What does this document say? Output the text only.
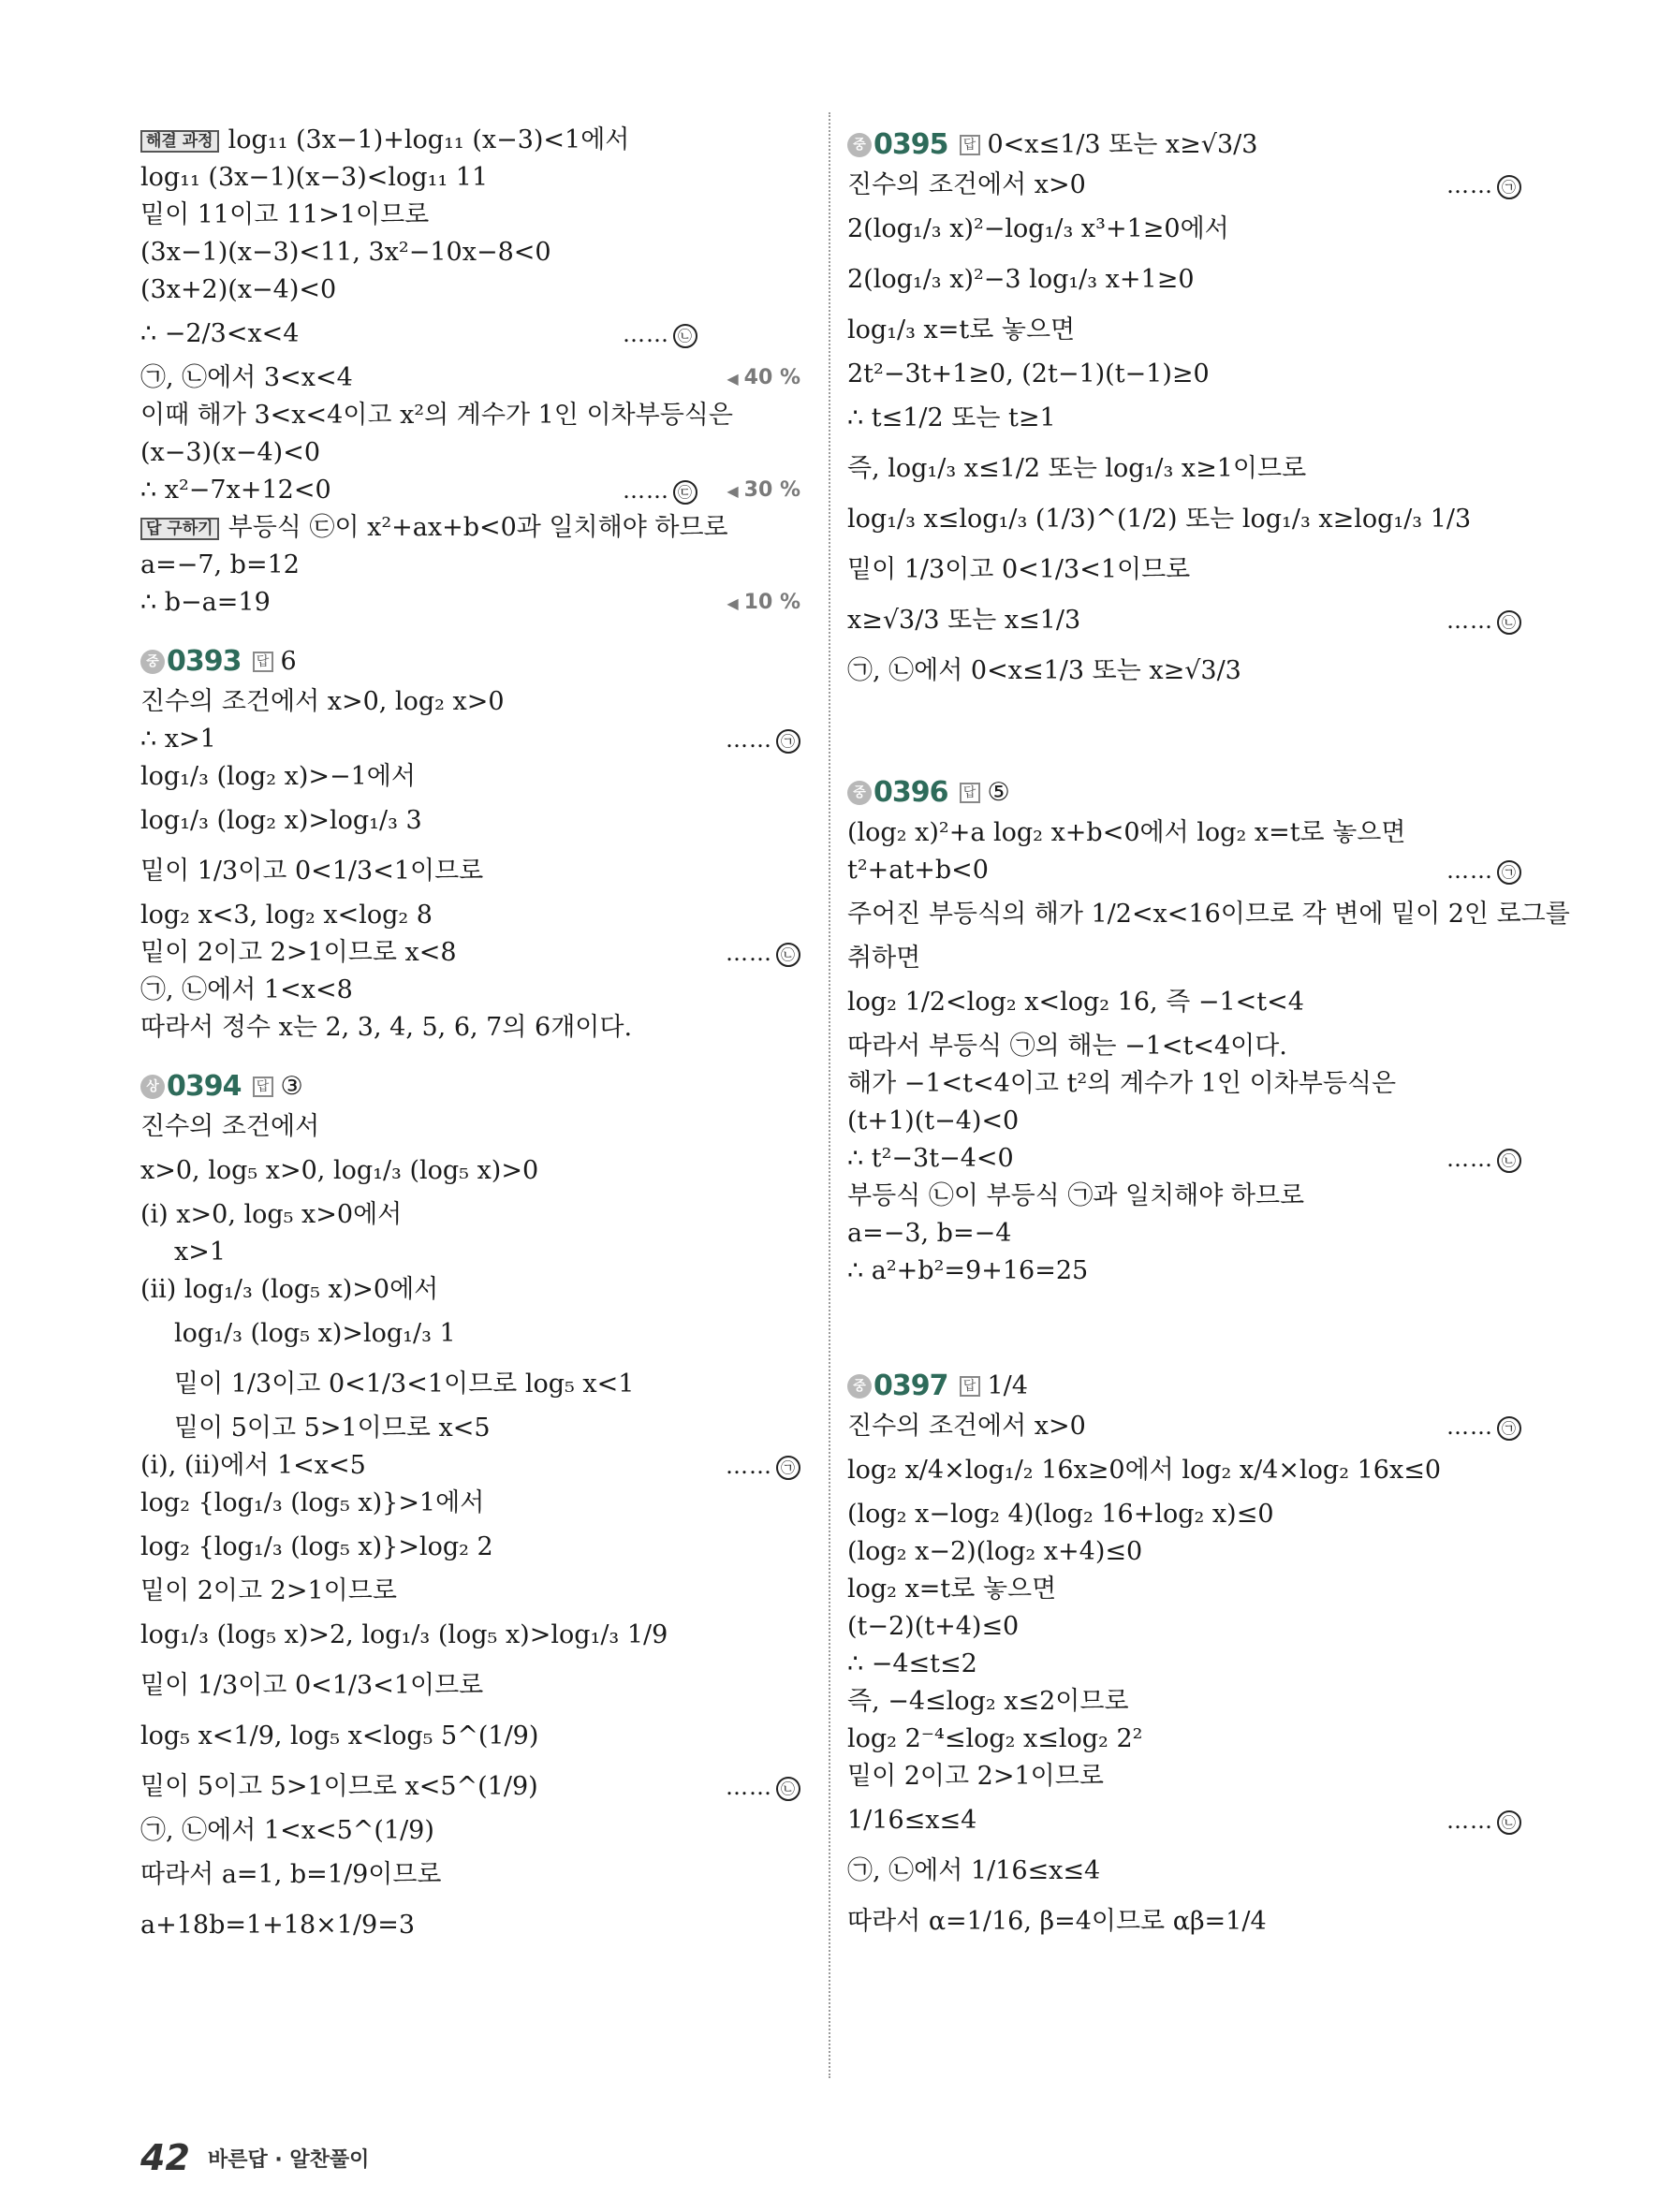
해결 과정 log₁₁ (3x−1)+log₁₁ (x−3)<1에서
log₁₁ (3x−1)(x−3)<log₁₁ 11
밑이 11이고 11>1이므로
(3x−1)(x−3)<11, 3x²−10x−8<0
(3x+2)(x−4)<0
∴ −2/3<x<4	…… ㉡
㉠, ㉡에서 3<x<4	◀ 40 %
이때 해가 3<x<4이고 x²의 계수가 1인 이차부등식은
(x−3)(x−4)<0
∴ x²−7x+12<0	…… ㉢	◀ 30 %
답 구하기 부등식 ㉢이 x²+ax+b<0과 일치해야 하므로
a=−7, b=12
∴ b−a=19	◀ 10 %
중 0393 답 6
진수의 조건에서 x>0, log₂ x>0
∴ x>1	…… ㉠
log₁/₃ (log₂ x)>−1에서
log₁/₃ (log₂ x)>log₁/₃ 3
밑이 1/3이고 0<1/3<1이므로
log₂ x<3, log₂ x<log₂ 8
밑이 2이고 2>1이므로 x<8	…… ㉡
㉠, ㉡에서 1<x<8
따라서 정수 x는 2, 3, 4, 5, 6, 7의 6개이다.
상 0394 답 ③
진수의 조건에서
x>0, log₅ x>0, log₁/₃ (log₅ x)>0
(ⅰ) x>0, log₅ x>0에서
x>1
(ⅱ) log₁/₃ (log₅ x)>0에서
log₁/₃ (log₅ x)>log₁/₃ 1
밑이 1/3이고 0<1/3<1이므로 log₅ x<1
밑이 5이고 5>1이므로 x<5
(ⅰ), (ⅱ)에서 1<x<5	…… ㉠
log₂ {log₁/₃ (log₅ x)}>1에서
log₂ {log₁/₃ (log₅ x)}>log₂ 2
밑이 2이고 2>1이므로
log₁/₃ (log₅ x)>2, log₁/₃ (log₅ x)>log₁/₃ 1/9
밑이 1/3이고 0<1/3<1이므로
log₅ x<1/9, log₅ x<log₅ 5^(1/9)
밑이 5이고 5>1이므로 x<5^(1/9)	…… ㉡
㉠, ㉡에서 1<x<5^(1/9)
따라서 a=1, b=1/9이므로
a+18b=1+18×1/9=3
중 0395 답 0<x≤1/3 또는 x≥√3/3
진수의 조건에서 x>0	…… ㉠
2(log₁/₃ x)²−log₁/₃ x³+1≥0에서
2(log₁/₃ x)²−3 log₁/₃ x+1≥0
log₁/₃ x=t로 놓으면
2t²−3t+1≥0, (2t−1)(t−1)≥0
∴ t≤1/2 또는 t≥1
즉, log₁/₃ x≤1/2 또는 log₁/₃ x≥1이므로
log₁/₃ x≤log₁/₃ (1/3)^(1/2) 또는 log₁/₃ x≥log₁/₃ 1/3
밑이 1/3이고 0<1/3<1이므로
x≥√3/3 또는 x≤1/3	…… ㉡
㉠, ㉡에서 0<x≤1/3 또는 x≥√3/3
중 0396 답 ⑤
(log₂ x)²+a log₂ x+b<0에서 log₂ x=t로 놓으면
t²+at+b<0	…… ㉠
주어진 부등식의 해가 1/2<x<16이므로 각 변에 밑이 2인 로그를
취하면
log₂ 1/2<log₂ x<log₂ 16, 즉 −1<t<4
따라서 부등식 ㉠의 해는 −1<t<4이다.
해가 −1<t<4이고 t²의 계수가 1인 이차부등식은
(t+1)(t−4)<0
∴ t²−3t−4<0	…… ㉡
부등식 ㉡이 부등식 ㉠과 일치해야 하므로
a=−3, b=−4
∴ a²+b²=9+16=25
중 0397 답 1/4
진수의 조건에서 x>0	…… ㉠
log₂ x/4×log₁/₂ 16x≥0에서 log₂ x/4×log₂ 16x≤0
(log₂ x−log₂ 4)(log₂ 16+log₂ x)≤0
(log₂ x−2)(log₂ x+4)≤0
log₂ x=t로 놓으면
(t−2)(t+4)≤0
∴ −4≤t≤2
즉, −4≤log₂ x≤2이므로
log₂ 2⁻⁴≤log₂ x≤log₂ 2²
밑이 2이고 2>1이므로
1/16≤x≤4	…… ㉡
㉠, ㉡에서 1/16≤x≤4
따라서 α=1/16, β=4이므로 αβ=1/4
42 바른답 · 알찬풀이
